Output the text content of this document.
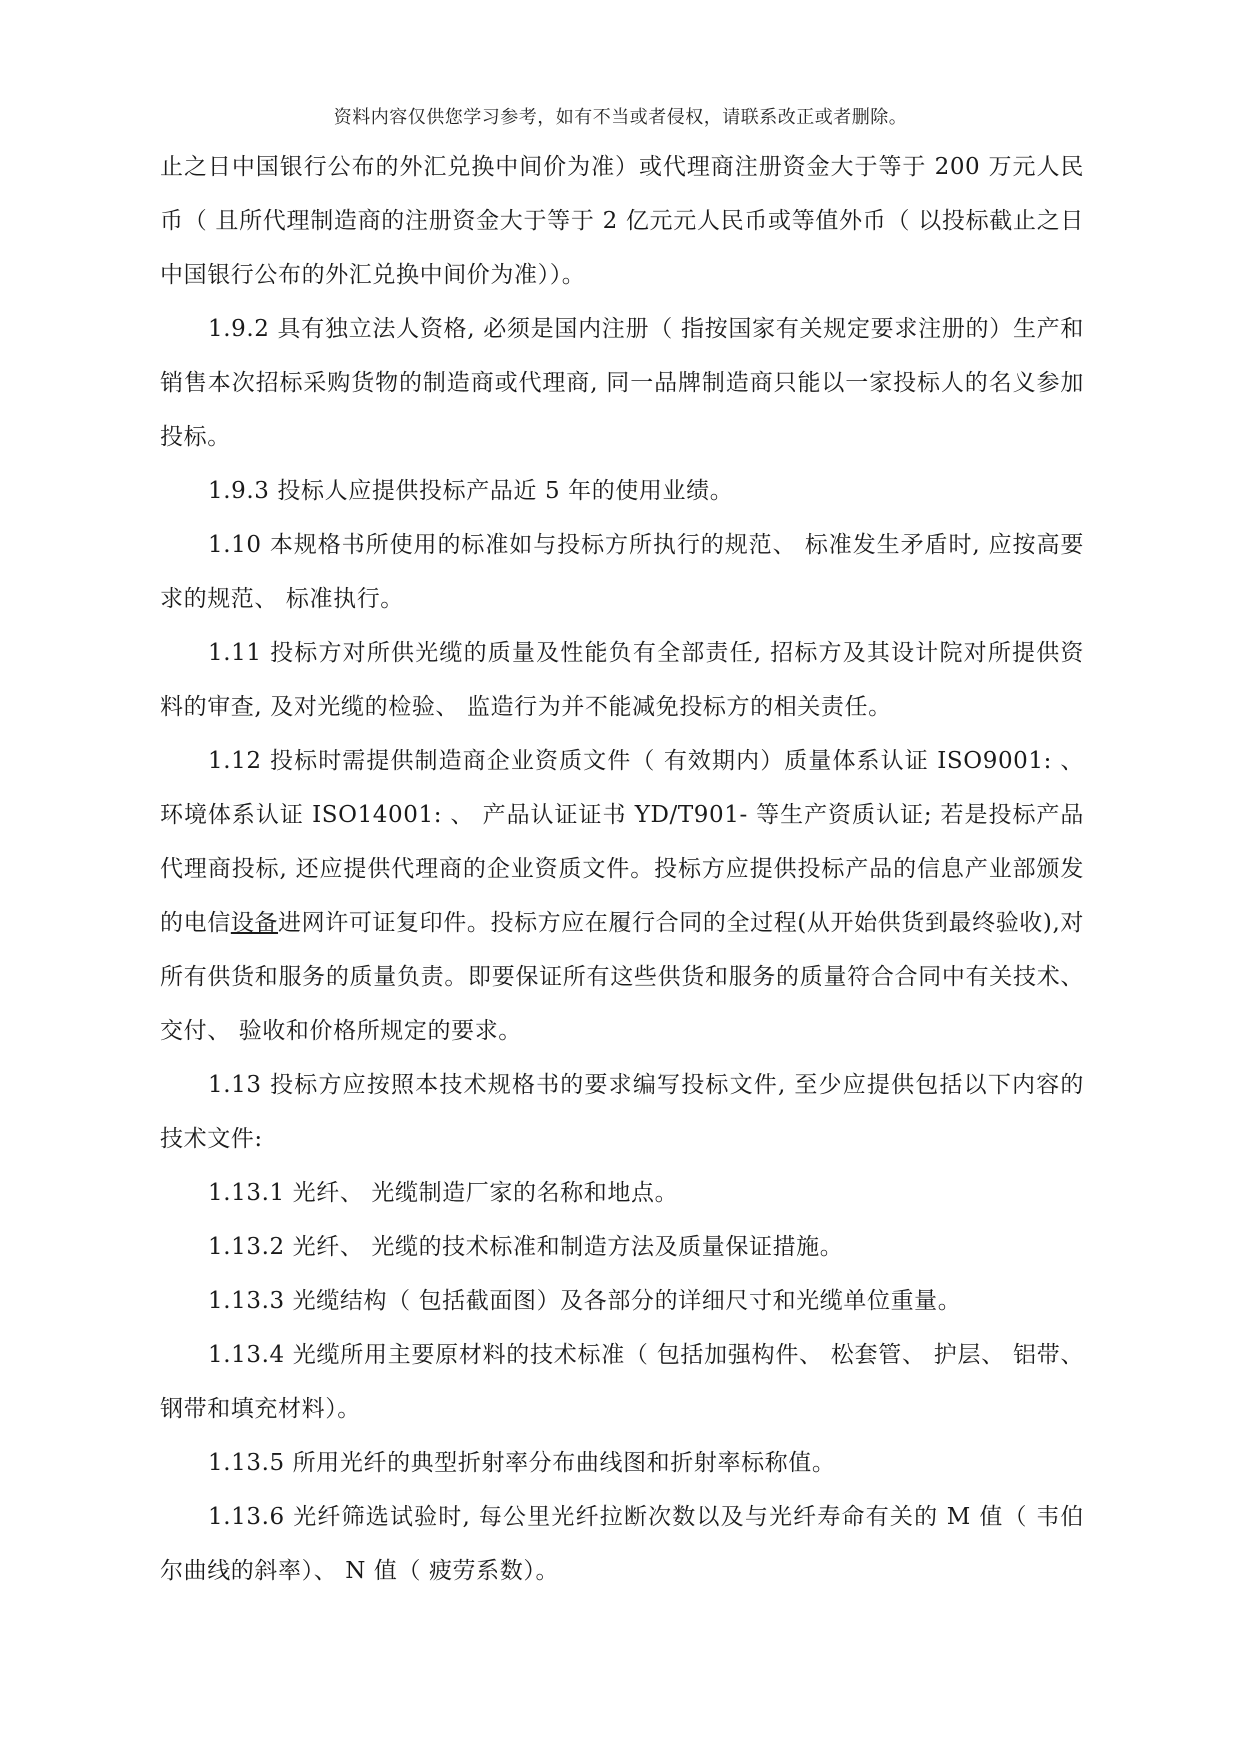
资料内容仅供您学习参考，如有不当或者侵权，请联系改正或者删除。

止之日中国银行公布的外汇兑换中间价为准）或代理商注册资金大于等于 200 万元人民币（ 且所代理制造商的注册资金大于等于 2 亿元元人民币或等值外币（ 以投标截止之日中国银行公布的外汇兑换中间价为准））。

1.9.2 具有独立法人资格, 必须是国内注册（ 指按国家有关规定要求注册的）生产和销售本次招标采购货物的制造商或代理商, 同一品牌制造商只能以一家投标人的名义参加投标。

1.9.3 投标人应提供投标产品近 5 年的使用业绩。

1.10 本规格书所使用的标准如与投标方所执行的规范、 标准发生矛盾时, 应按高要求的规范、 标准执行。

1.11 投标方对所供光缆的质量及性能负有全部责任, 招标方及其设计院对所提供资料的审查, 及对光缆的检验、 监造行为并不能减免投标方的相关责任。

1.12 投标时需提供制造商企业资质文件（ 有效期内）质量体系认证 ISO9001: 、环境体系认证 ISO14001: 、 产品认证证书 YD/T901- 等生产资质认证; 若是投标产品代理商投标, 还应提供代理商的企业资质文件。投标方应提供投标产品的信息产业部颁发的电信设备进网许可证复印件。投标方应在履行合同的全过程(从开始供货到最终验收),对所有供货和服务的质量负责。即要保证所有这些供货和服务的质量符合合同中有关技术、 交付、 验收和价格所规定的要求。

1.13 投标方应按照本技术规格书的要求编写投标文件, 至少应提供包括以下内容的技术文件:

1.13.1 光纤、 光缆制造厂家的名称和地点。

1.13.2 光纤、 光缆的技术标准和制造方法及质量保证措施。

1.13.3 光缆结构（ 包括截面图）及各部分的详细尺寸和光缆单位重量。

1.13.4 光缆所用主要原材料的技术标准（ 包括加强构件、 松套管、 护层、 铝带、 钢带和填充材料）。

1.13.5 所用光纤的典型折射率分布曲线图和折射率标称值。

1.13.6 光纤筛选试验时, 每公里光纤拉断次数以及与光纤寿命有关的 M 值（ 韦伯尔曲线的斜率）、 N 值（ 疲劳系数）。
